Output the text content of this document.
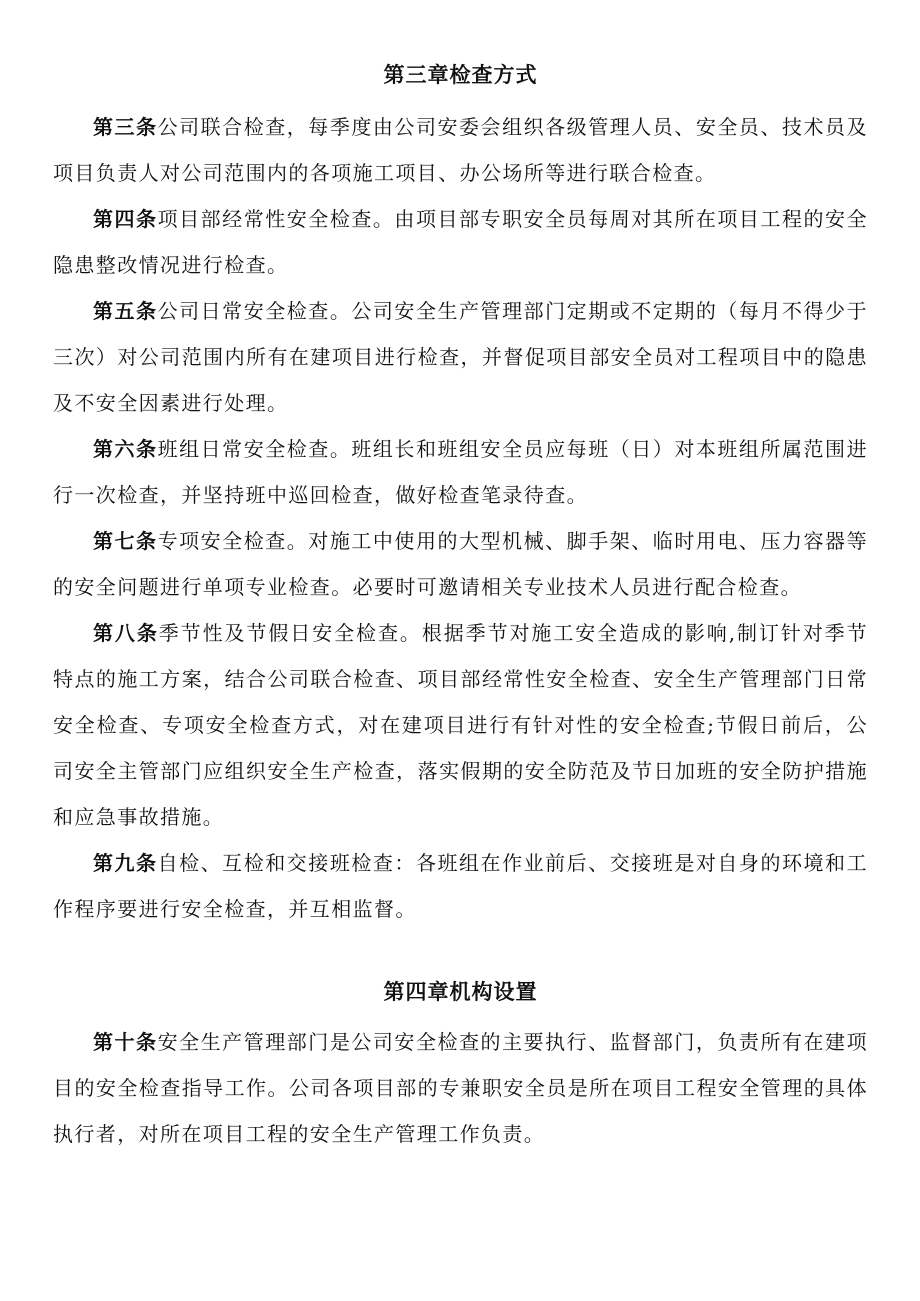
第三章检查方式

第三条公司联合检查，每季度由公司安委会组织各级管理人员、安全员、技术员及项目负责人对公司范围内的各项施工项目、办公场所等进行联合检查。

第四条项目部经常性安全检查。由项目部专职安全员每周对其所在项目工程的安全隐患整改情况进行检查。

第五条公司日常安全检查。公司安全生产管理部门定期或不定期的（每月不得少于三次）对公司范围内所有在建项目进行检查，并督促项目部安全员对工程项目中的隐患及不安全因素进行处理。

第六条班组日常安全检查。班组长和班组安全员应每班（日）对本班组所属范围进行一次检查，并坚持班中巡回检查，做好检查笔录待查。

第七条专项安全检查。对施工中使用的大型机械、脚手架、临时用电、压力容器等的安全问题进行单项专业检查。必要时可邀请相关专业技术人员进行配合检查。

第八条季节性及节假日安全检查。根据季节对施工安全造成的影响,制订针对季节特点的施工方案，结合公司联合检查、项目部经常性安全检查、安全生产管理部门日常安全检查、专项安全检查方式，对在建项目进行有针对性的安全检查;节假日前后，公司安全主管部门应组织安全生产检查，落实假期的安全防范及节日加班的安全防护措施和应急事故措施。

第九条自检、互检和交接班检查：各班组在作业前后、交接班是对自身的环境和工作程序要进行安全检查，并互相监督。

第四章机构设置

第十条安全生产管理部门是公司安全检查的主要执行、监督部门，负责所有在建项目的安全检查指导工作。公司各项目部的专兼职安全员是所在项目工程安全管理的具体执行者，对所在项目工程的安全生产管理工作负责。
